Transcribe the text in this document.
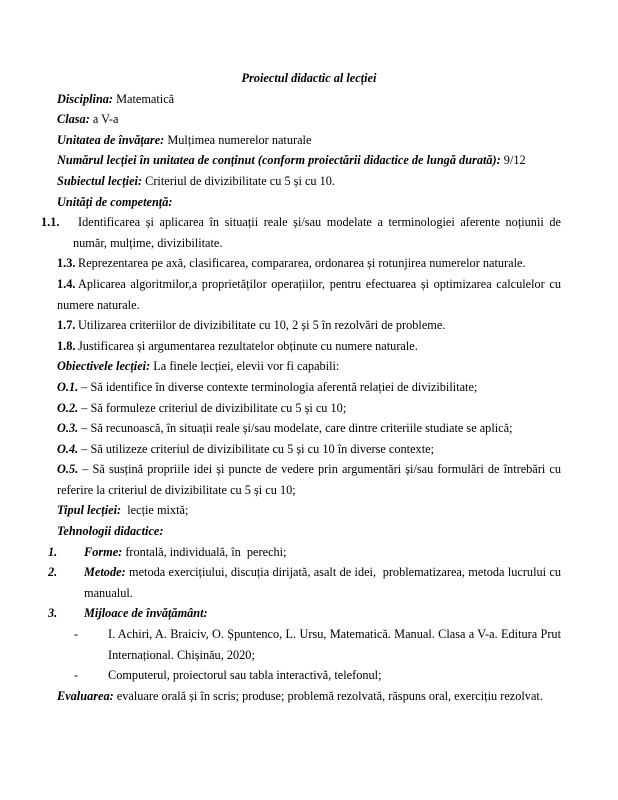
Proiectul didactic al lecției

Disciplina: Matematică

Clasa: a V-a

Unitatea de învățare: Mulțimea numerelor naturale

Numărul lecției în unitatea de conținut (conform proiectării didactice de lungă durată): 9/12

Subiectul lecției: Criteriul de divizibilitate cu 5 și cu 10.

Unități de competență:

1.1. Identificarea și aplicarea în situații reale și/sau modelate a terminologiei aferente noțiunii de număr, mulțime, divizibilitate.

1.3. Reprezentarea pe axă, clasificarea, compararea, ordonarea și rotunjirea numerelor naturale.

1.4. Aplicarea algoritmilor,a proprietăților operațiilor, pentru efectuarea și optimizarea calculelor cu numere naturale.

1.7. Utilizarea criteriilor de divizibilitate cu 10, 2 și 5 în rezolvări de probleme.

1.8. Justificarea și argumentarea rezultatelor obținute cu numere naturale.

Obiectivele lecției: La finele lecției, elevii vor fi capabili:

O.1. – Să identifice în diverse contexte terminologia aferentă relației de divizibilitate;

O.2. – Să formuleze criteriul de divizibilitate cu 5 și cu 10;

O.3. – Să recunoască, în situații reale și/sau modelate, care dintre criteriile studiate se aplică;

O.4. – Să utilizeze criteriul de divizibilitate cu 5 și cu 10 în diverse contexte;

O.5. – Să susțină propriile idei și puncte de vedere prin argumentări și/sau formulări de întrebări cu referire la criteriul de divizibilitate cu 5 și cu 10;

Tipul lecției:  lecție mixtă;

Tehnologii didactice:

1. Forme: frontală, individuală, în  perechi;

2. Metode: metoda exercițiului, discuția dirijată, asalt de idei,  problematizarea, metoda lucrului cu manualul.

3. Mijloace de învățământ:

- I. Achiri, A. Braiciv, O. Șpuntenco, L. Ursu, Matematică. Manual. Clasa a V-a. Editura Prut Internațional. Chișinău, 2020;

- Computerul, proiectorul sau tabla interactivă, telefonul;

Evaluarea: evaluare orală și în scris; produse; problemă rezolvată, răspuns oral, exercițiu rezolvat.
